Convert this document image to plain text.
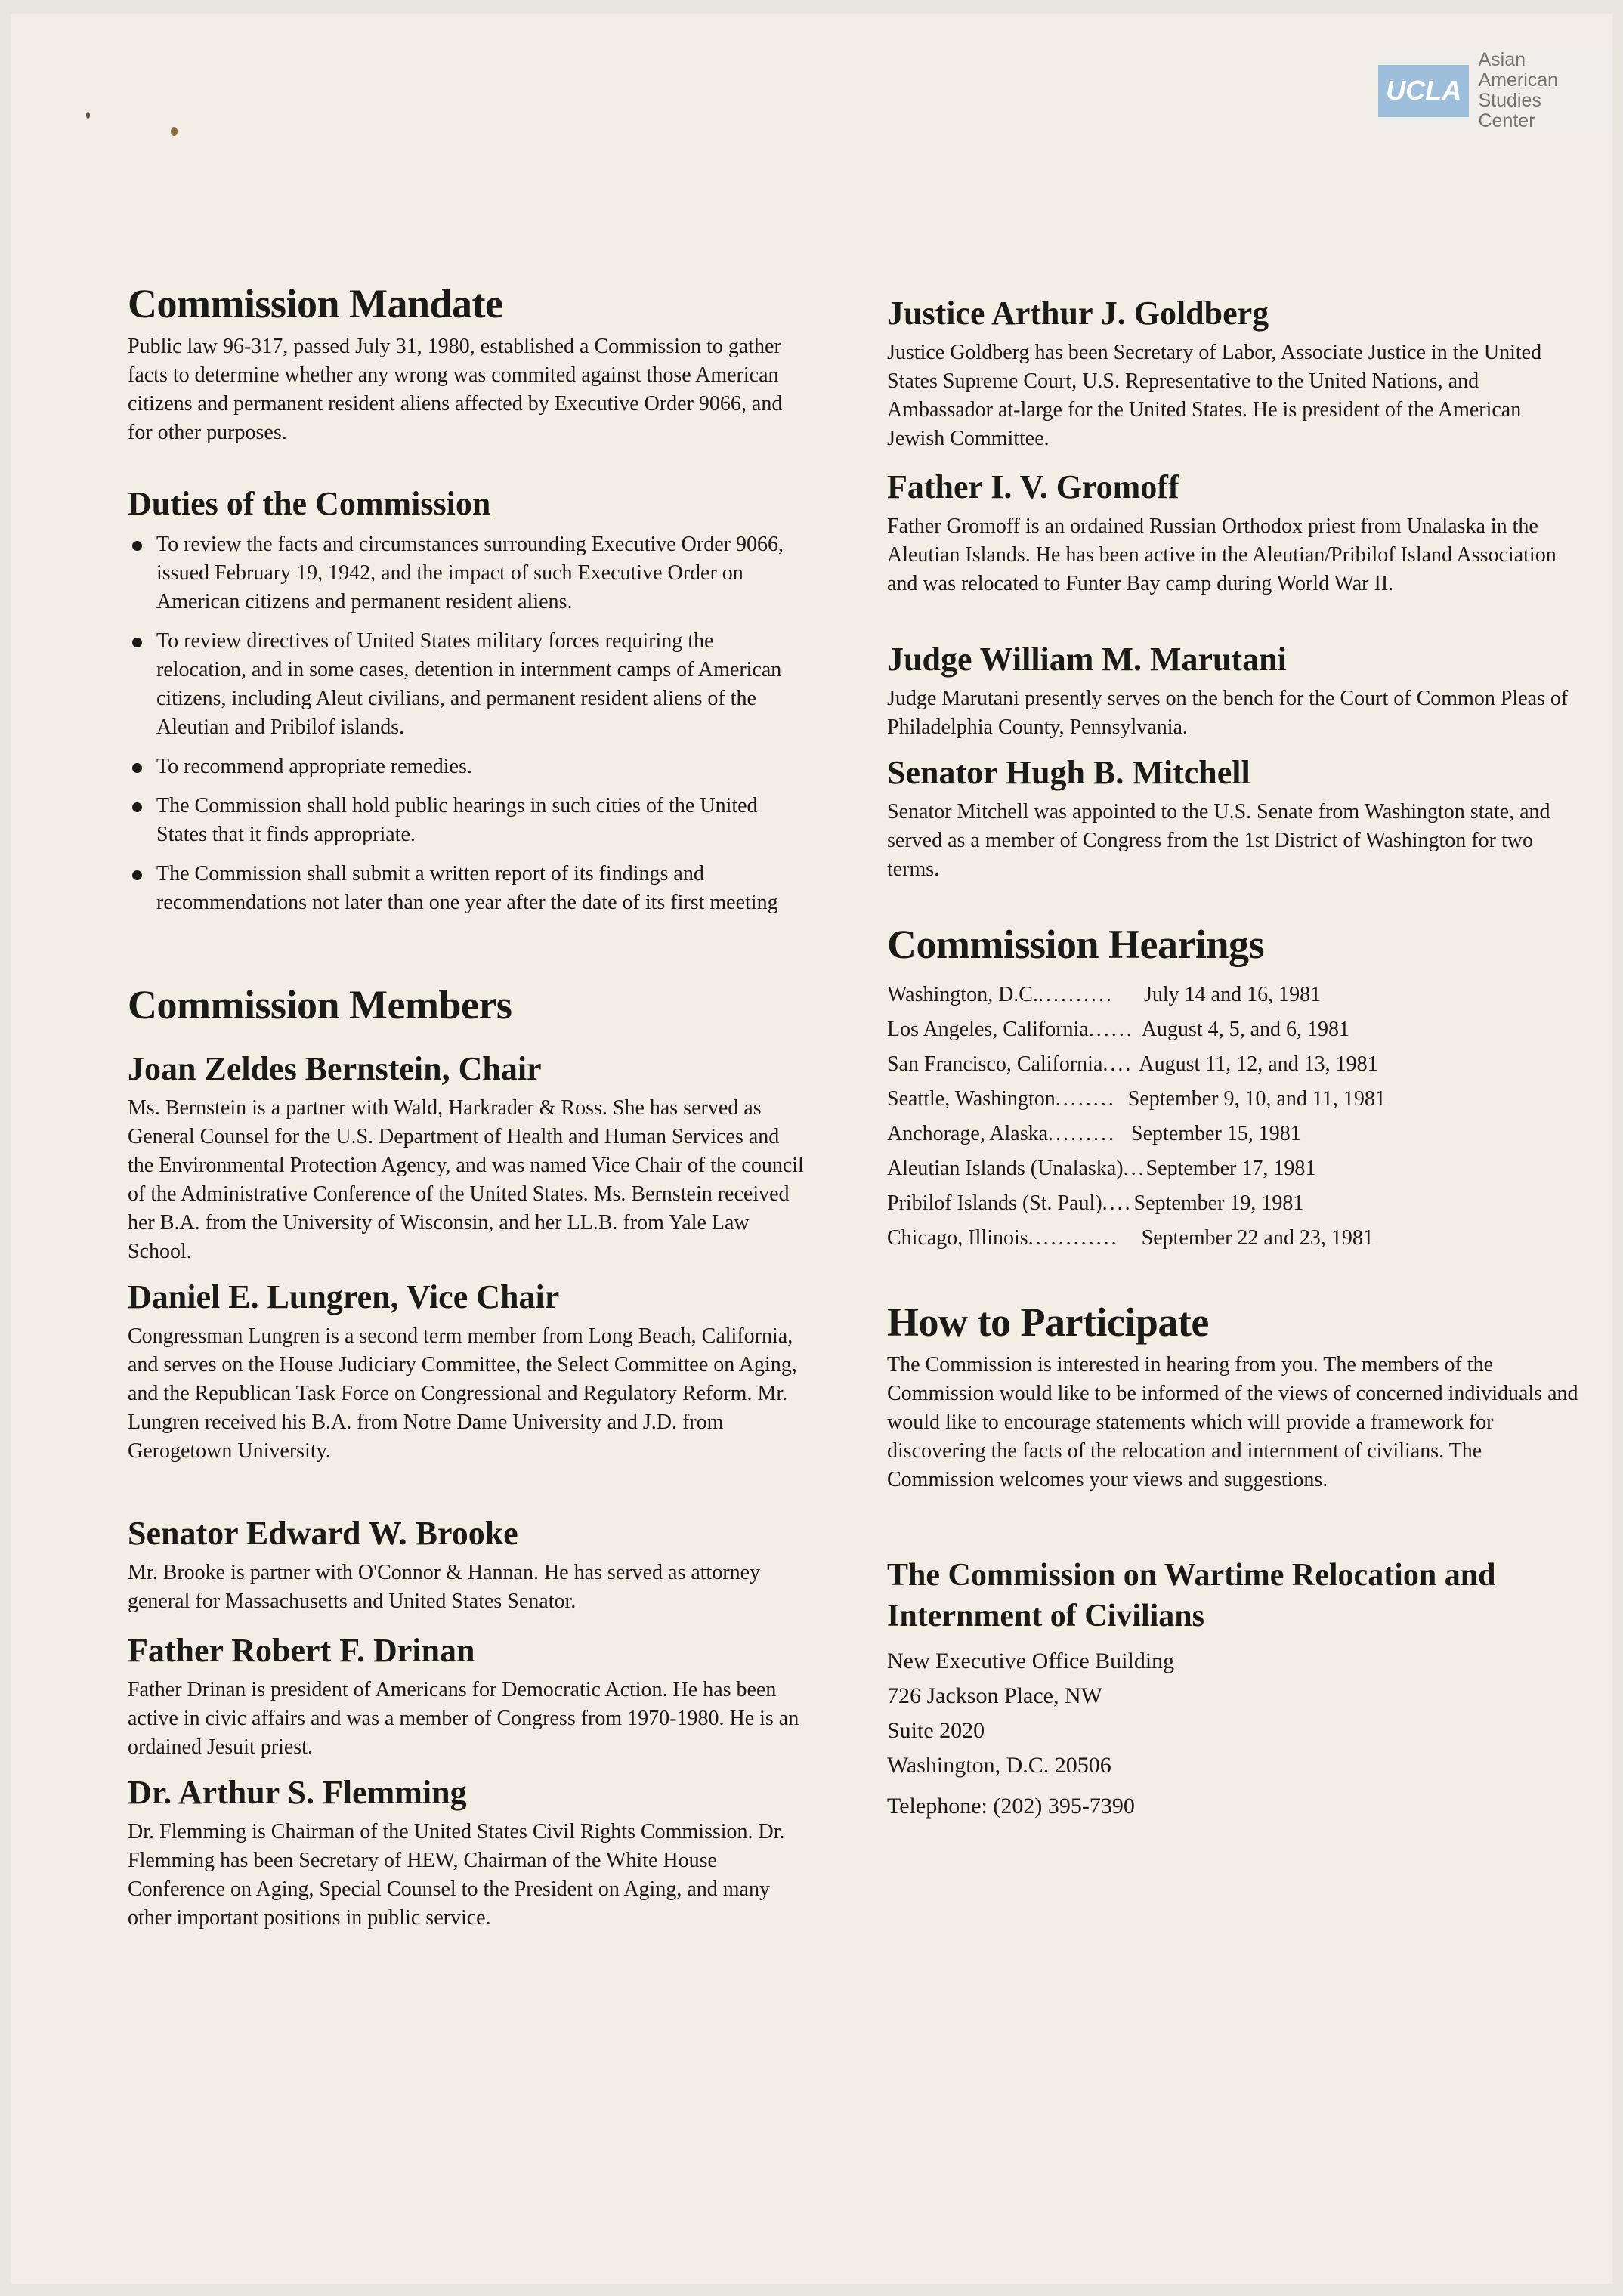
UCLA
Asian American
Studies Center
Commission Mandate

Public law 96-317, passed July 31, 1980, established a Commission to gather facts to determine whether any wrong was commited against those American citizens and permanent resident aliens affected by Executive Order 9066, and for other purposes.

Duties of the Commission
To review the facts and circumstances surrounding Executive Order 9066, issued February 19, 1942, and the impact of such Executive Order on American citizens and permanent resident aliens.
To review directives of United States military forces requiring the relocation, and in some cases, detention in internment camps of American citizens, including Aleut civilians, and permanent resident aliens of the Aleutian and Pribilof islands.
To recommend appropriate remedies.
The Commission shall hold public hearings in such cities of the United States that it finds appropriate.
The Commission shall submit a written report of its findings and recommendations not later than one year after the date of its first meeting
Commission Members
Joan Zeldes Bernstein, Chair

Ms. Bernstein is a partner with Wald, Harkrader & Ross. She has served as General Counsel for the U.S. Department of Health and Human Services and the Environmental Protection Agency, and was named Vice Chair of the council of the Administrative Conference of the United States. Ms. Bernstein received her B.A. from the University of Wisconsin, and her LL.B. from Yale Law School.

Daniel E. Lungren, Vice Chair

Congressman Lungren is a second term member from Long Beach, California, and serves on the House Judiciary Committee, the Select Committee on Aging, and the Republican Task Force on Congressional and Regulatory Reform. Mr. Lungren received his B.A. from Notre Dame University and J.D. from Gerogetown University.

Senator Edward W. Brooke

Mr. Brooke is partner with O'Connor & Hannan. He has served as attorney general for Massachusetts and United States Senator.

Father Robert F. Drinan

Father Drinan is president of Americans for Democratic Action. He has been active in civic affairs and was a member of Congress from 1970-1980. He is an ordained Jesuit priest.

Dr. Arthur S. Flemming

Dr. Flemming is Chairman of the United States Civil Rights Commission. Dr. Flemming has been Secretary of HEW, Chairman of the White House Conference on Aging, Special Counsel to the President on Aging, and many other important positions in public service.

Justice Arthur J. Goldberg

Justice Goldberg has been Secretary of Labor, Associate Justice in the United States Supreme Court, U.S. Representative to the United Nations, and Ambassador at-large for the United States. He is president of the American Jewish Committee.

Father I. V. Gromoff

Father Gromoff is an ordained Russian Orthodox priest from Unalaska in the Aleutian Islands. He has been active in the Aleutian/Pribilof Island Association and was relocated to Funter Bay camp during World War II.

Judge William M. Marutani

Judge Marutani presently serves on the bench for the Court of Common Pleas of Philadelphia County, Pennsylvania.

Senator Hugh B. Mitchell

Senator Mitchell was appointed to the U.S. Senate from Washington state, and served as a member of Congress from the 1st District of Washington for two terms.

Commission Hearings
Washington, D.C. ..........	July 14 and 16, 1981
Los Angeles, California ...... August 4, 5, and 6, 1981
San Francisco, California .... August 11, 12, and 13, 1981
Seattle, Washington ........ September 9, 10, and 11, 1981
Anchorage, Alaska ......... September 15, 1981
Aleutian Islands (Unalaska) ... September 17, 1981
Pribilof Islands (St. Paul) .... September 19, 1981
Chicago, Illinois ............	September 22 and 23, 1981
How to Participate

The Commission is interested in hearing from you. The members of the Commission would like to be informed of the views of concerned individuals and would like to encourage statements which will provide a framework for discovering the facts of the relocation and internment of civilians. The Commission welcomes your views and suggestions.

The Commission on Wartime Relocation and Internment of Civilians

New Executive Office Building

726 Jackson Place, NW

Suite 2020

Washington, D.C. 20506

Telephone: (202) 395-7390
